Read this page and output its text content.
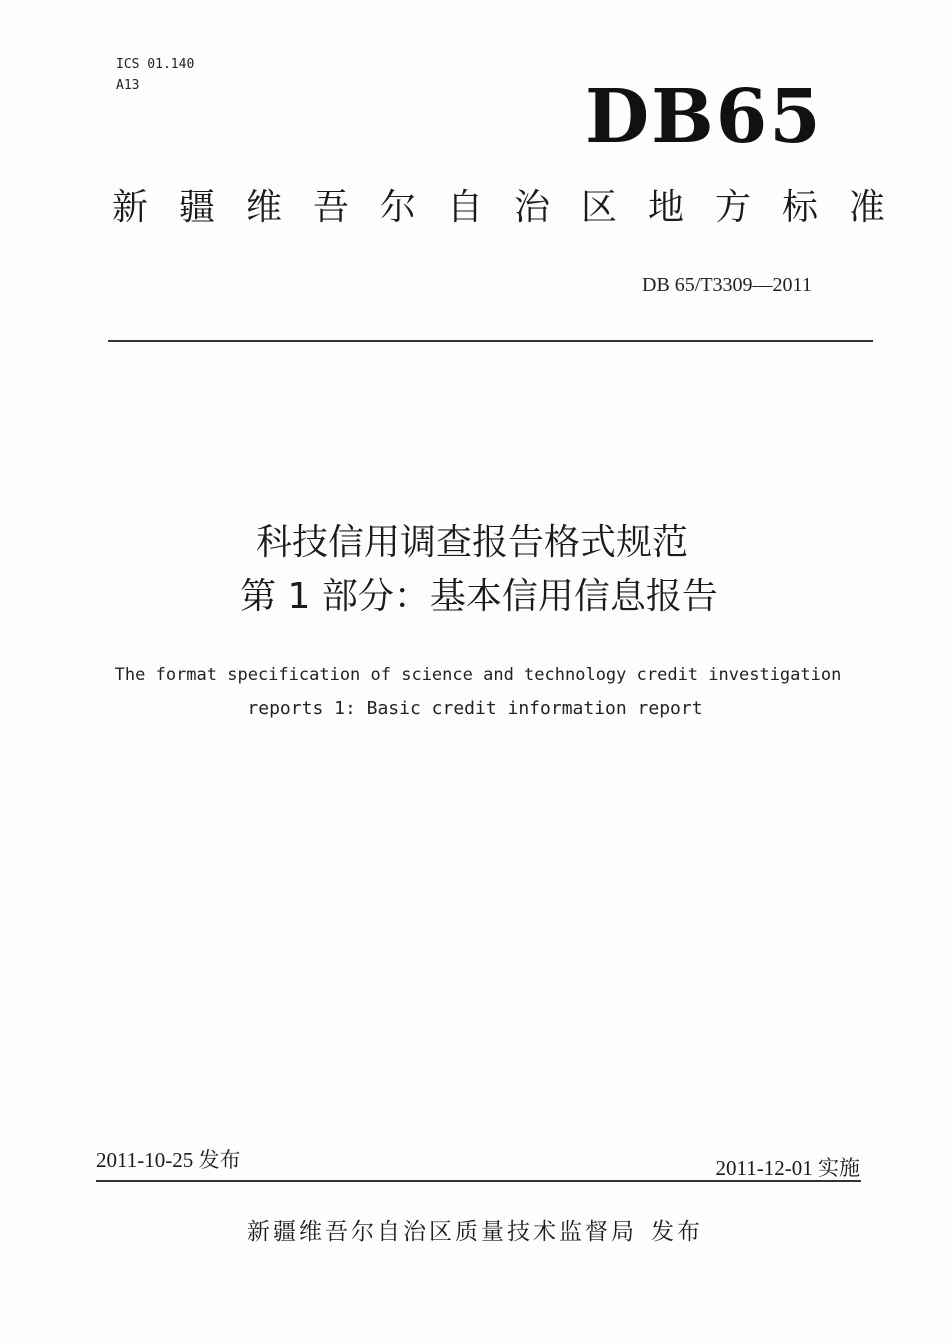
ICS 01.140
A13	DB65
新疆维吾尔自治区地方标准
DB 65/T3309—2011
科技信用调查报告格式规范
第 1 部分：基本信用信息报告
The format specification of science and technology credit investigation
reports 1: Basic credit information report
2011-10-25 发布	2011-12-01 实施
新疆维吾尔自治区质量技术监督局 发布
